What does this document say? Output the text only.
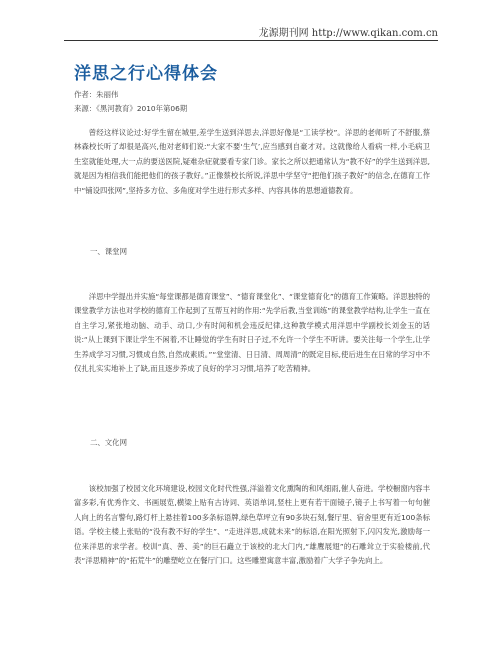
龙源期刊网 http://www.qikan.com.cn
洋思之行心得体会
作者：朱丽伟
来源：《黑河教育》2010年第06期

曾经这样议论过:好学生留在城里,差学生送到洋思去,洋思好像是“工读学校”。洋思的老师听了不舒服,蔡林森校长听了却很是高兴,他对老师们说:“大家不要‘生气’,应当感到自豪才对。这就像给人看病一样,小毛病卫生室就能处理,大一点的要送医院,疑难杂症就要看专家门诊。家长之所以把通常认为“教不好”的学生送到洋思,就是因为相信我们能把他们的孩子教好。”正像蔡校长所说,洋思中学坚守“把他们孩子教好”的信念,在德育工作中“铺设四张网”,坚持多方位、多角度对学生进行形式多样、内容具体的思想道德教育。

一、课堂网

洋思中学提出并实施“每堂课都是德育课堂”、“德育课堂化”、“课堂德育化”的德育工作策略。洋思独特的课堂教学方法也对学校的德育工作起到了互帮互衬的作用:“先学后教,当堂训练”的课堂教学结构,让学生一直在自主学习,紧张地动脑、动手、动口,少有时间和机会违反纪律,这种教学模式用洋思中学副校长刘金玉的话说:“从上课到下课让学生不闲着,不让睡觉的学生有时日子过,不允许一个学生不听讲。要关注每一个学生,让学生养成学习习惯,习惯成自然,自然成素质。”“堂堂清、日日清、周周清”的既定目标,使后进生在日常的学习中不仅扎扎实实地补上了缺,而且逐步养成了良好的学习习惯,培养了吃苦精神。

二、文化网

该校加强了校园文化环境建设,校园文化时代性强,洋溢着文化熏陶的和风细雨,催人奋进。学校橱窗内容丰富多彩,有优秀作文、书画展览,横梁上贴有古诗词、英语单词,竖柱上更有若干面镜子,镜子上书写着一句句催人向上的名言警句,路灯杆上悬挂着100多条标语牌,绿色草坪立有90多块石刻,餐厅里、宿舍里更有近100条标语。学校主楼上张贴的“没有教不好的学生”、“走进洋思,成就未来”的标语,在阳光照射下,闪闪发光,激励每一位来洋思的求学者。校训“真、善、美”的巨石矗立于该校的北大门内,“雄鹰展翅”的石雕耸立于实验楼前,代表“洋思精神”的“拓荒牛”的雕塑屹立在餐厅门口。这些雕塑寓意丰富,激励着广大学子争先向上。
